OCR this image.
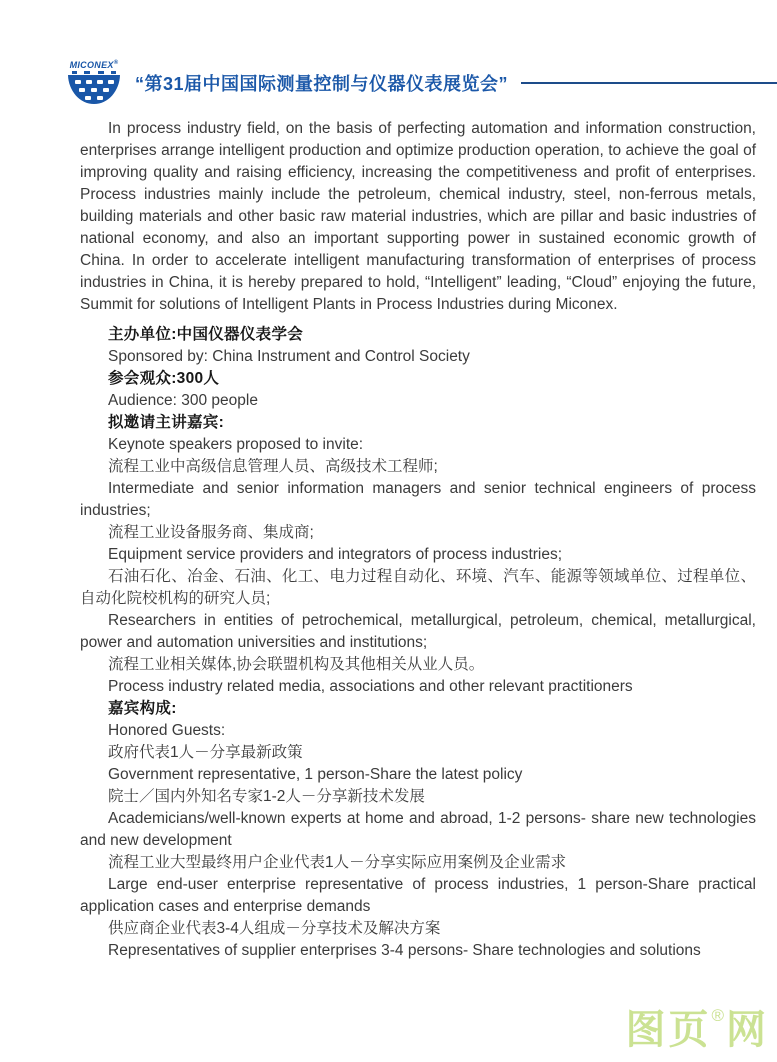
MICONEX®
“第31届中国国际测量控制与仪器仪表展览会”

In process industry field, on the basis of perfecting automation and information construction, enterprises arrange intelligent production and optimize production operation, to achieve the goal of improving quality and raising efficiency, increasing the competitiveness and profit of enterprises. Process industries mainly include the petroleum, chemical industry, steel, non-ferrous metals, building materials and other basic raw material industries, which are pillar and basic industries of national economy, and also an important supporting power in sustained economic growth of China. In order to accelerate intelligent manufacturing transformation of enterprises of process industries in China, it is hereby prepared to hold, “Intelligent” leading, “Cloud” enjoying the future, Summit for solutions of Intelligent Plants in Process Industries during Miconex.

主办单位:中国仪器仪表学会

Sponsored by: China Instrument and Control Society

参会观众:300人

Audience: 300 people

拟邀请主讲嘉宾:

Keynote speakers proposed to invite:

流程工业中高级信息管理人员、高级技术工程师;

Intermediate and senior information managers and senior technical engineers of process industries;

流程工业设备服务商、集成商;

Equipment service providers and integrators of process industries;

石油石化、冶金、石油、化工、电力过程自动化、环境、汽车、能源等领域单位、过程单位、自动化院校机构的研究人员;

Researchers in entities of petrochemical, metallurgical, petroleum, chemical, metallurgical, power and automation universities and institutions;

流程工业相关媒体,协会联盟机构及其他相关从业人员。

Process industry related media, associations and other relevant practitioners

嘉宾构成:

Honored Guests:

政府代表1人－分享最新政策

Government representative, 1 person-Share the latest policy

院士／国内外知名专家1-2人－分享新技术发展

Academicians/well-known experts at home and abroad, 1-2 persons- share new technologies and new development

流程工业大型最终用户企业代表1人－分享实际应用案例及企业需求

Large end-user enterprise representative of process industries, 1 person-Share practical application cases and enterprise demands

供应商企业代表3-4人组成－分享技术及解决方案

Representatives of supplier enterprises 3-4 persons- Share technologies and solutions

图页®网
